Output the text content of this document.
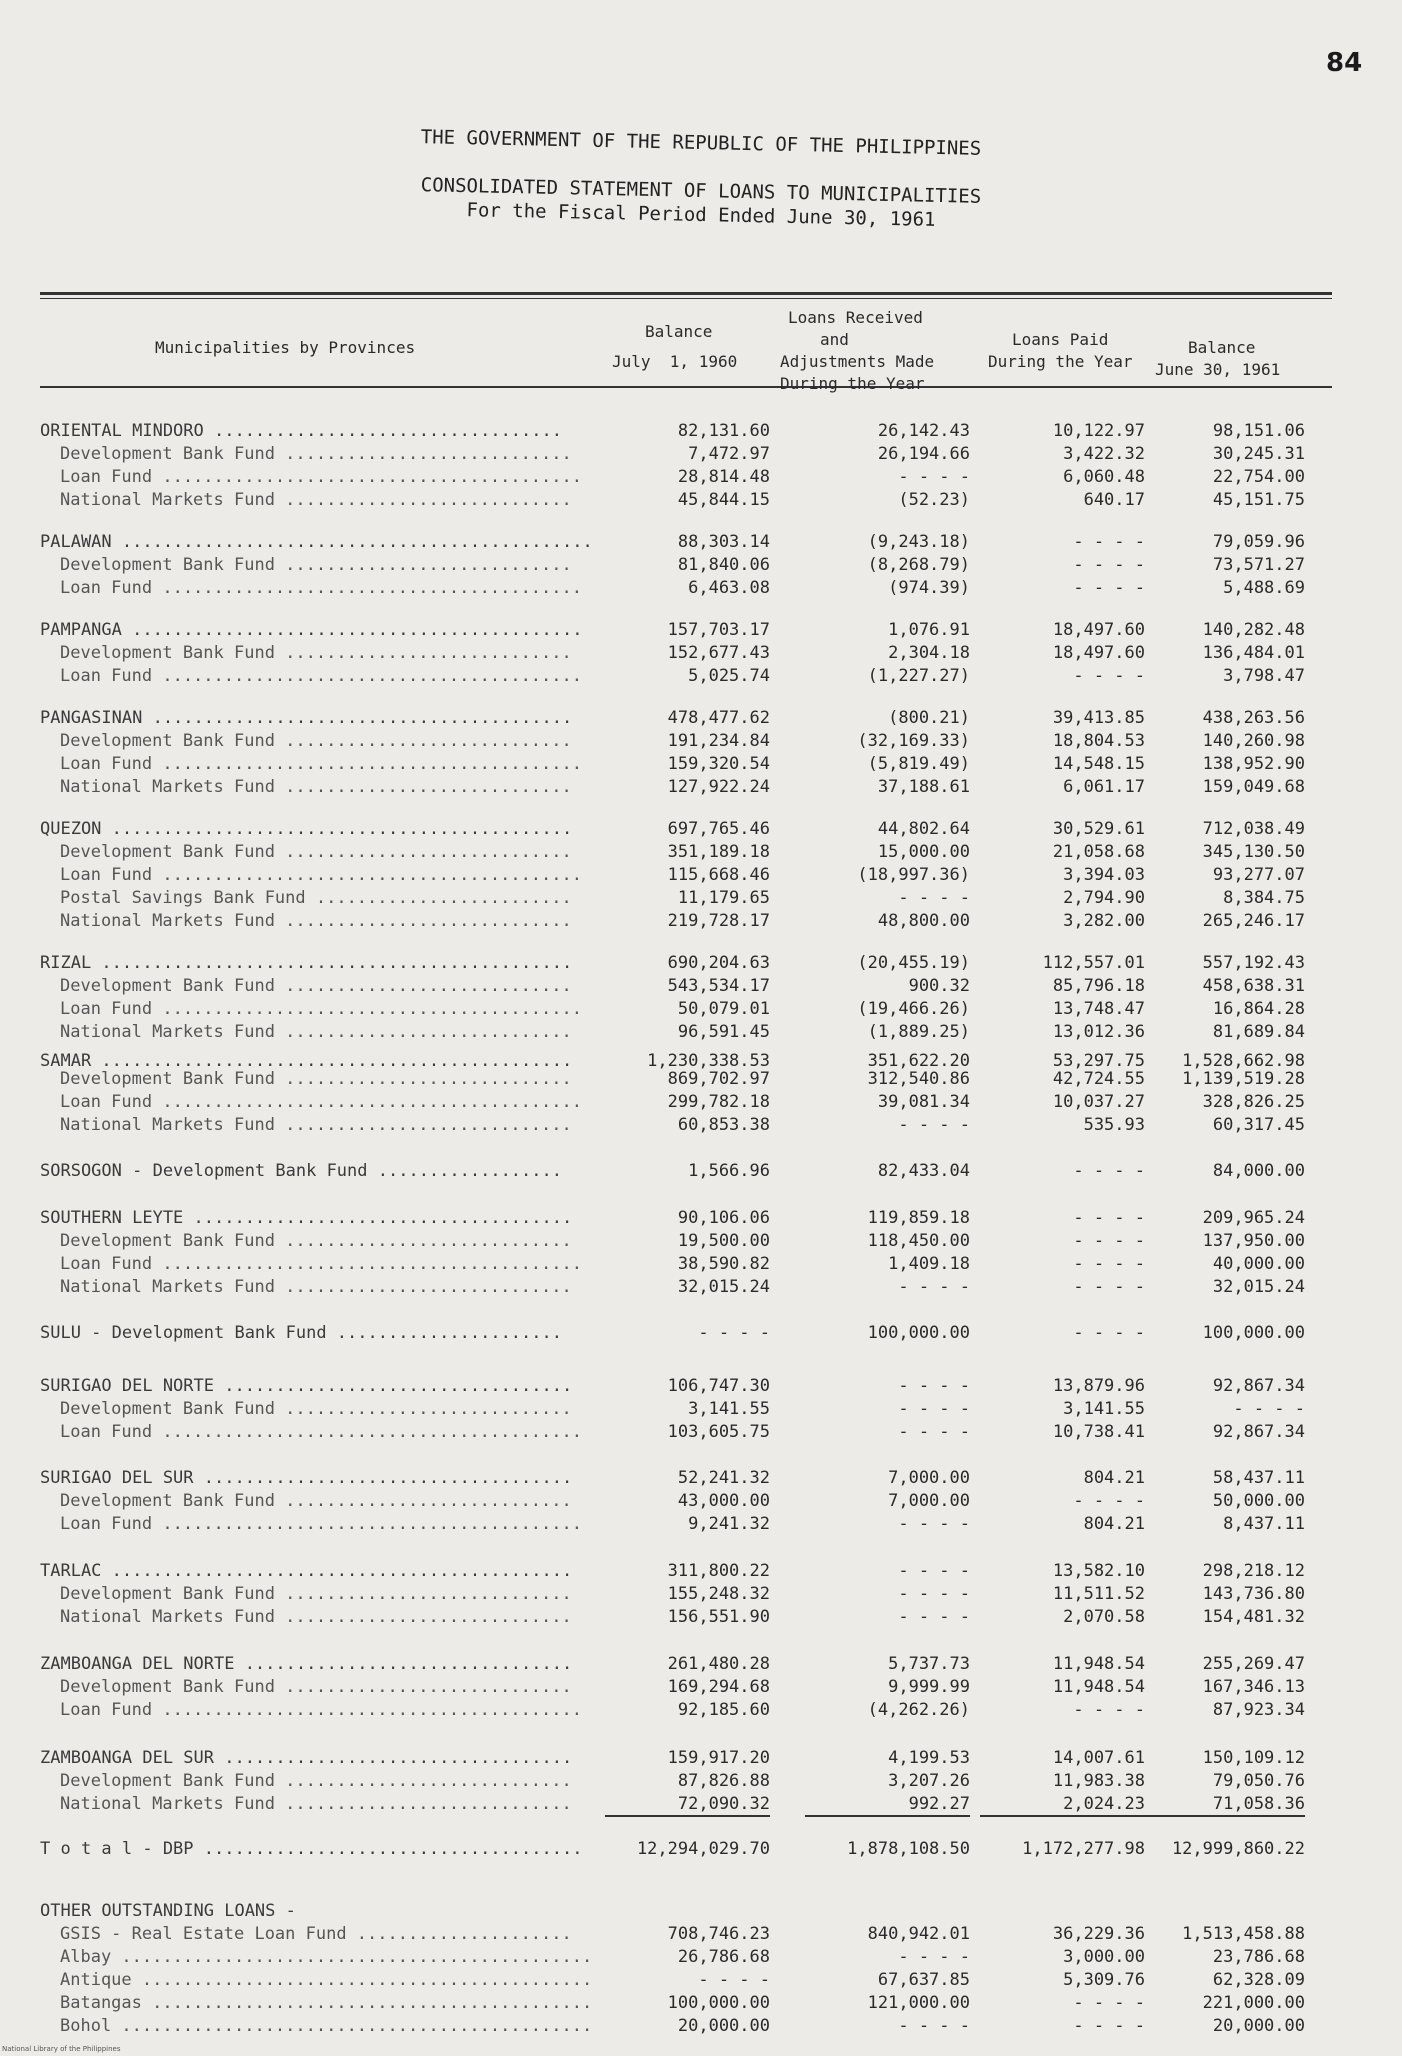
84
THE GOVERNMENT OF THE REPUBLIC OF THE PHILIPPINES
CONSOLIDATED STATEMENT OF LOANS TO MUNICIPALITIES
For the Fiscal Period Ended June 30, 1961
Municipalities by Provinces
Balance
July  1, 1960
Loans Received
and
Adjustments Made
During the Year
Loans Paid
During the Year
Balance
June 30, 1961
ORIENTAL MINDORO ..................................	82,131.60	26,142.43	10,122.97	98,151.06
Development Bank Fund ............................	7,472.97	26,194.66	3,422.32	30,245.31
Loan Fund .........................................	28,814.48	- - - -	6,060.48	22,754.00
National Markets Fund ............................	45,844.15	(52.23)	640.17	45,151.75
PALAWAN ..............................................	88,303.14	(9,243.18)	- - - -	79,059.96
Development Bank Fund ............................	81,840.06	(8,268.79)	- - - -	73,571.27
Loan Fund .........................................	6,463.08	(974.39)	- - - -	5,488.69
PAMPANGA ............................................	157,703.17	1,076.91	18,497.60	140,282.48
Development Bank Fund ............................	152,677.43	2,304.18	18,497.60	136,484.01
Loan Fund .........................................	5,025.74	(1,227.27)	- - - -	3,798.47
PANGASINAN .........................................	478,477.62	(800.21)	39,413.85	438,263.56
Development Bank Fund ............................	191,234.84	(32,169.33)	18,804.53	140,260.98
Loan Fund .........................................	159,320.54	(5,819.49)	14,548.15	138,952.90
National Markets Fund ............................	127,922.24	37,188.61	6,061.17	159,049.68
QUEZON .............................................	697,765.46	44,802.64	30,529.61	712,038.49
Development Bank Fund ............................	351,189.18	15,000.00	21,058.68	345,130.50
Loan Fund .........................................	115,668.46	(18,997.36)	3,394.03	93,277.07
Postal Savings Bank Fund .........................	11,179.65	- - - -	2,794.90	8,384.75
National Markets Fund ............................	219,728.17	48,800.00	3,282.00	265,246.17
RIZAL ..............................................	690,204.63	(20,455.19)	112,557.01	557,192.43
Development Bank Fund ............................	543,534.17	900.32	85,796.18	458,638.31
Loan Fund .........................................	50,079.01	(19,466.26)	13,748.47	16,864.28
National Markets Fund ............................	96,591.45	(1,889.25)	13,012.36	81,689.84
SAMAR ..............................................	1,230,338.53	351,622.20	53,297.75	1,528,662.98
Development Bank Fund ............................	869,702.97	312,540.86	42,724.55	1,139,519.28
Loan Fund .........................................	299,782.18	39,081.34	10,037.27	328,826.25
National Markets Fund ............................	60,853.38	- - - -	535.93	60,317.45
SORSOGON - Development Bank Fund ..................	1,566.96	82,433.04	- - - -	84,000.00
SOUTHERN LEYTE .....................................	90,106.06	119,859.18	- - - -	209,965.24
Development Bank Fund ............................	19,500.00	118,450.00	- - - -	137,950.00
Loan Fund .........................................	38,590.82	1,409.18	- - - -	40,000.00
National Markets Fund ............................	32,015.24	- - - -	- - - -	32,015.24
SULU - Development Bank Fund ......................	- - - -	100,000.00	- - - -	100,000.00
SURIGAO DEL NORTE ..................................	106,747.30	- - - -	13,879.96	92,867.34
Development Bank Fund ............................	3,141.55	- - - -	3,141.55	- - - -
Loan Fund .........................................	103,605.75	- - - -	10,738.41	92,867.34
SURIGAO DEL SUR ....................................	52,241.32	7,000.00	804.21	58,437.11
Development Bank Fund ............................	43,000.00	7,000.00	- - - -	50,000.00
Loan Fund .........................................	9,241.32	- - - -	804.21	8,437.11
TARLAC .............................................	311,800.22	- - - -	13,582.10	298,218.12
Development Bank Fund ............................	155,248.32	- - - -	11,511.52	143,736.80
National Markets Fund ............................	156,551.90	- - - -	2,070.58	154,481.32
ZAMBOANGA DEL NORTE ................................	261,480.28	5,737.73	11,948.54	255,269.47
Development Bank Fund ............................	169,294.68	9,999.99	11,948.54	167,346.13
Loan Fund .........................................	92,185.60	(4,262.26)	- - - -	87,923.34
ZAMBOANGA DEL SUR ..................................	159,917.20	4,199.53	14,007.61	150,109.12
Development Bank Fund ............................	87,826.88	3,207.26	11,983.38	79,050.76
National Markets Fund ............................	72,090.32	992.27	2,024.23	71,058.36
T o t a l - DBP .....................................	12,294,029.70	1,878,108.50	1,172,277.98	12,999,860.22
OTHER OUTSTANDING LOANS -
GSIS - Real Estate Loan Fund .....................	708,746.23	840,942.01	36,229.36	1,513,458.88
Albay ..............................................	26,786.68	- - - -	3,000.00	23,786.68
Antique ............................................	- - - -	67,637.85	5,309.76	62,328.09
Batangas ...........................................	100,000.00	121,000.00	- - - -	221,000.00
Bohol ..............................................	20,000.00	- - - -	- - - -	20,000.00
National Library of the Philippines
